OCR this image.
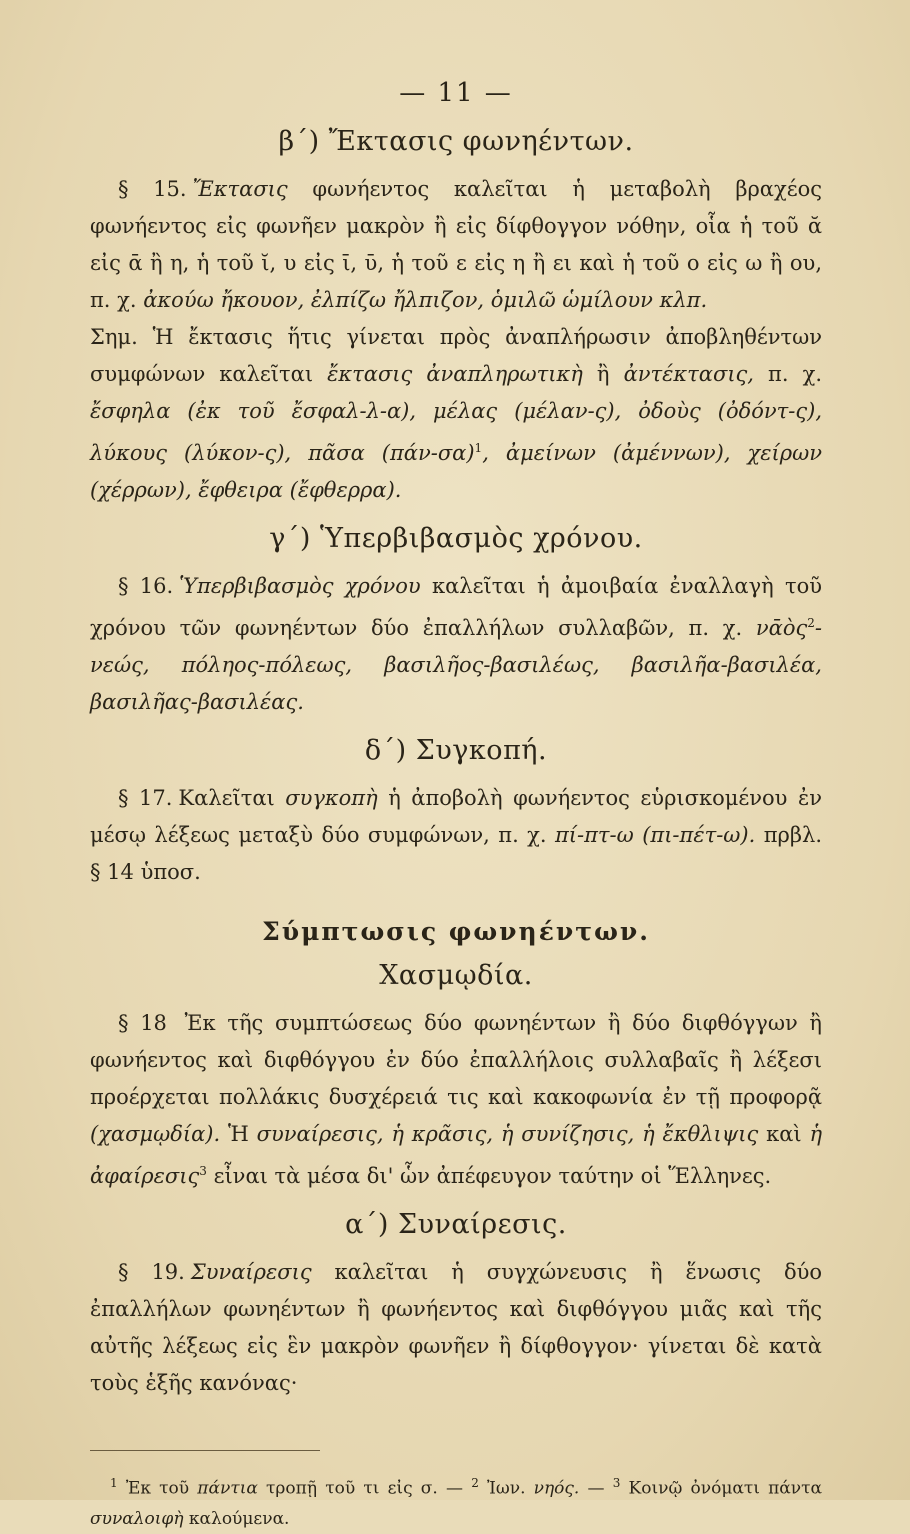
— 11 —
β΄) Ἔκτασις φωνηέντων.

§ 15. Ἔκτασις φωνήεντος καλεῖται ἡ μεταβολὴ βραχέος φωνήεντος εἰς φωνῆεν μακρὸν ἢ εἰς δίφθογγον νόθην, οἷα ἡ τοῦ ᾰ εἰς ᾱ ἢ η, ἡ τοῦ ῐ, υ εἰς ῑ, ῡ, ἡ τοῦ ε εἰς η ἢ ει καὶ ἡ τοῦ ο εἰς ω ἢ ου, π. χ. ἀκούω ἤκουον, ἐλπίζω ἤλπιζον, ὁμιλῶ ὡμίλουν κλπ.
Σημ. Ἡ ἔκτασις ἥτις γίνεται πρὸς ἀναπλήρωσιν ἀποβληθέντων συμφώνων καλεῖται ἔκτασις ἀναπληρωτικὴ ἢ ἀντέκτασις, π. χ. ἔσφηλα (ἐκ τοῦ ἔσφαλ-λ-α), μέλας (μέλαν-ς), ὀδοὺς (ὀδόντ-ς), λύκους (λύκον-ς), πᾶσα $(\pi ά\nu-\sigma\alpha)^1$, ἀμείνων (ἀμέννων), χείρων (χέρρων), ἔφθειρα (ἔφθερρα).

γ΄) Ὑπερβιβασμὸς χρόνου.

§ 16. Ὑπερβιβασμὸς χρόνου καλεῖται ἡ ἀμοιβαία ἐναλλαγὴ τοῦ χρόνου τῶν φωνηέντων δύο ἐπαλλήλων συλλαβῶν, π. χ. νᾱὸς$^2$-νεώς, πόληος-πόλεως, βασιλῆος-βασιλέως, βασιλῆα-βασιλέα, βασιλῆας-βασιλέας.

δ΄) Συγκοπή.

§ 17. Καλεῖται συγκοπὴ ἡ ἀποβολὴ φωνήεντος εὑρισκομένου ἐν μέσῳ λέξεως μεταξὺ δύο συμφώνων, π. χ. πί-πτ-ω (πι-πέτ-ω). πρβλ. § 14 ὑποσ.

Σύμπτωσις φωνηέντων.
Χασμῳδία.

§ 18 Ἐκ τῆς συμπτώσεως δύο φωνηέντων ἢ δύο διφθόγγων ἢ φωνήεντος καὶ διφθόγγου ἐν δύο ἐπαλλήλοις συλλαβαῖς ἢ λέξεσι προέρχεται πολλάκις δυσχέρειά τις καὶ κακοφωνία ἐν τῇ προφορᾷ (χασμῳδία). Ἡ συναίρεσις, ἡ κρᾶσις, ἡ συνίζησις, ἡ ἔκθλιψις καὶ ἡ ἀφαίρεσις$^3$ εἶναι τὰ μέσα δι' ὧν ἀπέφευγον ταύτην οἱ Ἕλληνες.

α΄) Συναίρεσις.

§ 19. Συναίρεσις καλεῖται ἡ συγχώνευσις ἢ ἕνωσις δύο ἐπαλλήλων φωνηέντων ἢ φωνήεντος καὶ διφθόγγου μιᾶς καὶ τῆς αὐτῆς λέξεως εἰς ἓν μακρὸν φωνῆεν ἢ δίφθογγον· γίνεται δὲ κατὰ τοὺς ἑξῆς κανόνας·

$^1$ Ἐκ τοῦ πάντια τροπῇ τοῦ τι εἰς σ. — $^2$ Ἰων. νηός. — $^3$ Κοινῷ ὀνόματι πάντα συναλοιφὴ καλούμενα.
